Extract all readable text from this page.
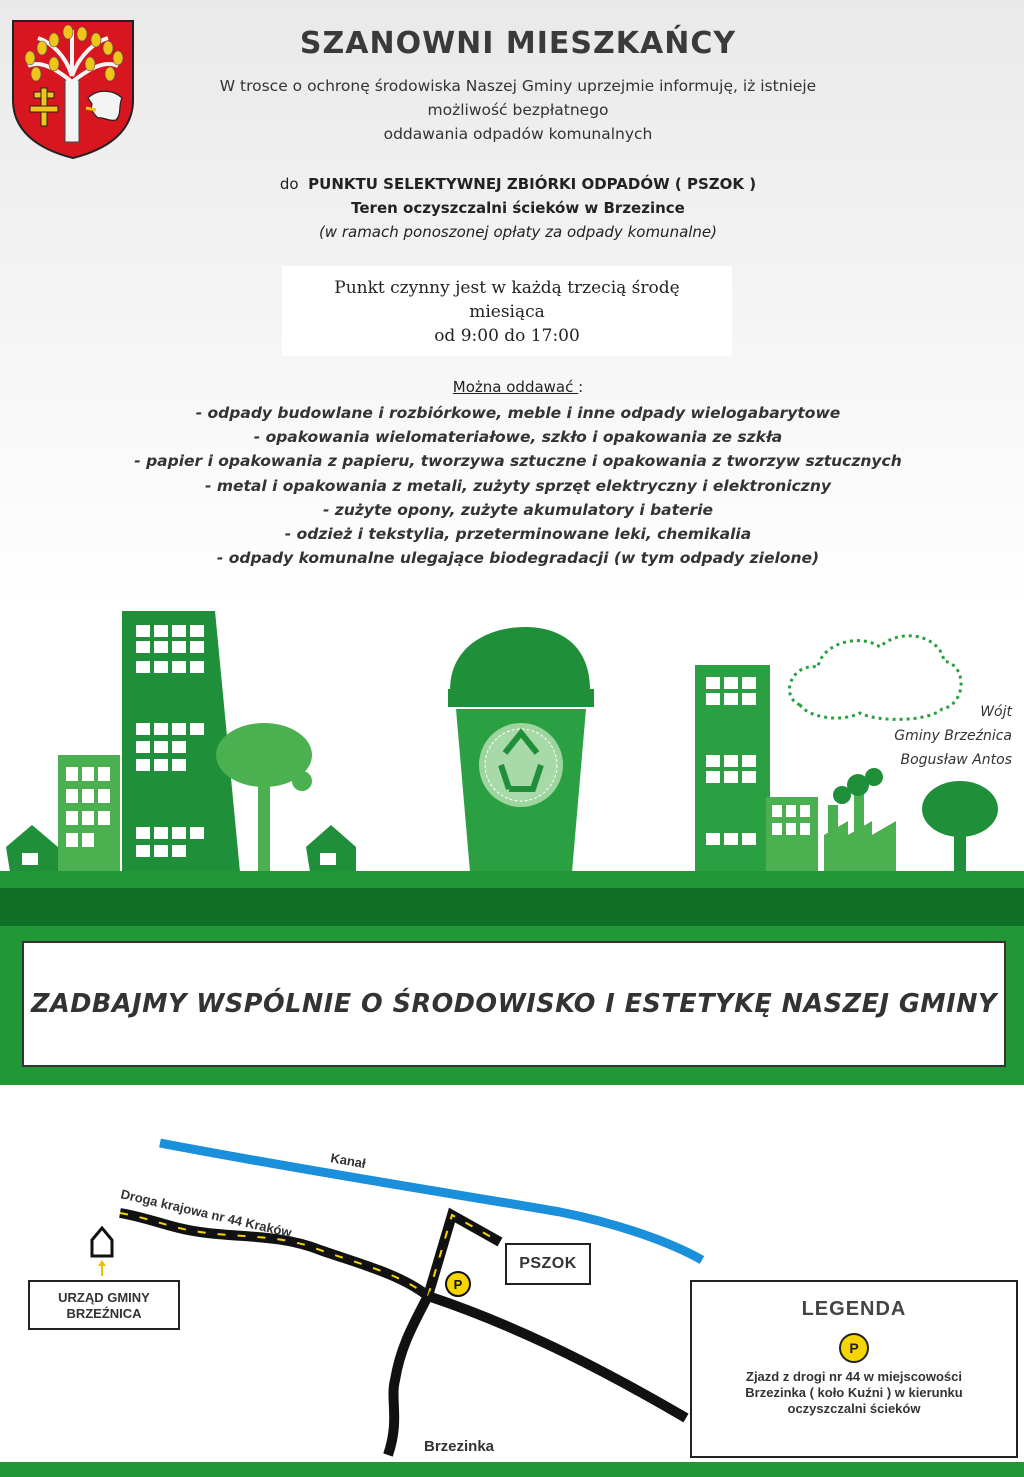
SZANOWNI MIESZKAŃCY
W trosce o ochronę środowiska Naszej Gminy uprzejmie informuję, iż istnieje
możliwość bezpłatnego
oddawania odpadów komunalnych
do PUNKTU SELEKTYWNEJ ZBIÓRKI ODPADÓW ( PSZOK )
Teren oczyszczalni ścieków w Brzezince
(w ramach ponoszonej opłaty za odpady komunalne)
Punkt czynny jest w każdą trzecią środę
miesiąca
od 9:00 do 17:00
Można oddawać :
- odpady budowlane i rozbiórkowe, meble i inne odpady wielogabarytowe
- opakowania wielomateriałowe, szkło i opakowania ze szkła
- papier i opakowania z papieru, tworzywa sztuczne i opakowania z tworzyw sztucznych
- metal i opakowania z metali, zużyty sprzęt elektryczny i elektroniczny
- zużyte opony, zużyte akumulatory i baterie
- odzież i tekstylia, przeterminowane leki, chemikalia
- odpady komunalne ulegające biodegradacji (w tym odpady zielone)
Wójt
Gminy Brzeźnica
Bogusław Antos
ZADBAJMY WSPÓLNIE O ŚRODOWISKO I ESTETYKĘ NASZEJ GMINY
P
Kanał
Droga krajowa nr 44 Kraków
Brzezinka
URZĄD GMINY
BRZEŹNICA
PSZOK
LEGENDA
P
Zjazd z drogi nr 44 w miejscowości
Brzezinka ( koło Kuźni ) w kierunku
oczyszczalni ścieków
